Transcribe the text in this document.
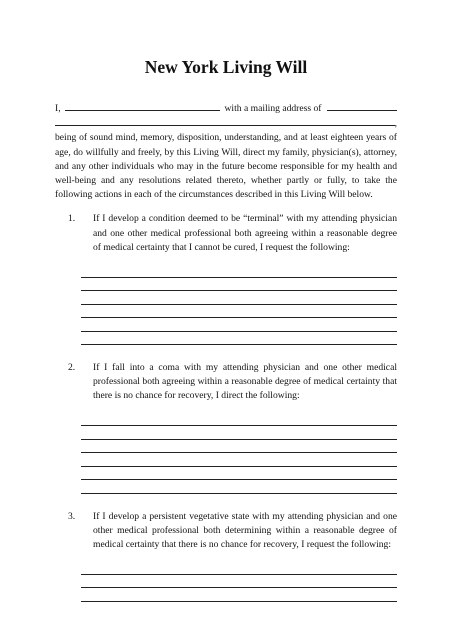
New York Living Will
I,	with a mailing address of
,

being of sound mind, memory, disposition, understanding, and at least eighteen years of age, do willfully and freely, by this Living Will, direct my family, physician(s), attorney, and any other individuals who may in the future become responsible for my health and well-being and any resolutions related thereto, whether partly or fully, to take the following actions in each of the circumstances described in this Living Will below.

1.	If I develop a condition deemed to be “terminal” with my attending physician and one other medical professional both agreeing within a reasonable degree of medical certainty that I cannot be cured, I request the following:
2.	If I fall into a coma with my attending physician and one other medical professional both agreeing within a reasonable degree of medical certainty that there is no chance for recovery, I direct the following:
3.	If I develop a persistent vegetative state with my attending physician and one other medical professional both determining within a reasonable degree of medical certainty that there is no chance for recovery, I request the following:
